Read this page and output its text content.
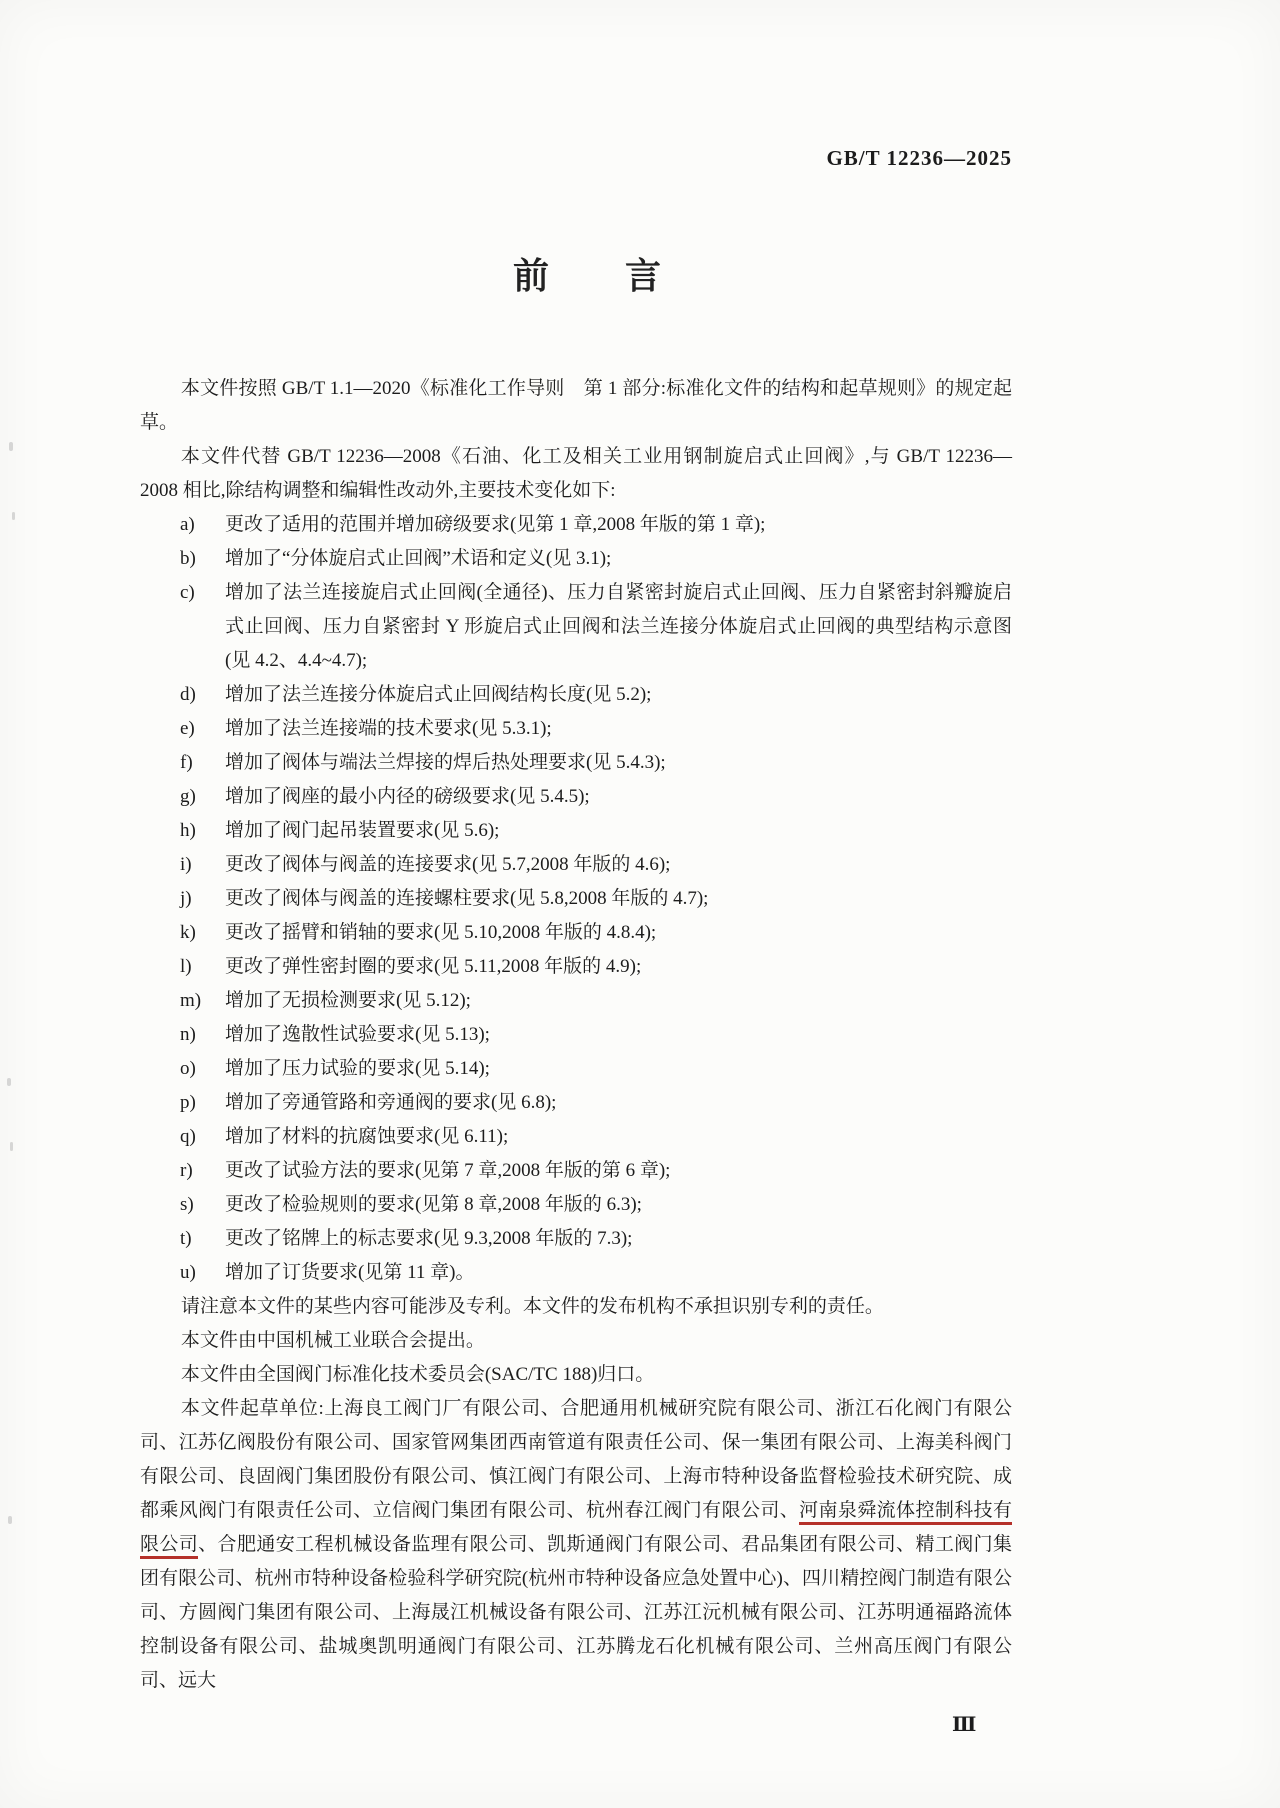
GB/T 12236—2025
前 言

本文件按照 GB/T 1.1—2020《标准化工作导则　第 1 部分:标准化文件的结构和起草规则》的规定起草。

本文件代替 GB/T 12236—2008《石油、化工及相关工业用钢制旋启式止回阀》,与 GB/T 12236—2008 相比,除结构调整和编辑性改动外,主要技术变化如下:

a) 更改了适用的范围并增加磅级要求(见第 1 章,2008 年版的第 1 章);
b) 增加了“分体旋启式止回阀”术语和定义(见 3.1);
c) 增加了法兰连接旋启式止回阀(全通径)、压力自紧密封旋启式止回阀、压力自紧密封斜瓣旋启式止回阀、压力自紧密封 Y 形旋启式止回阀和法兰连接分体旋启式止回阀的典型结构示意图(见 4.2、4.4~4.7);
d) 增加了法兰连接分体旋启式止回阀结构长度(见 5.2);
e) 增加了法兰连接端的技术要求(见 5.3.1);
f) 增加了阀体与端法兰焊接的焊后热处理要求(见 5.4.3);
g) 增加了阀座的最小内径的磅级要求(见 5.4.5);
h) 增加了阀门起吊装置要求(见 5.6);
i) 更改了阀体与阀盖的连接要求(见 5.7,2008 年版的 4.6);
j) 更改了阀体与阀盖的连接螺柱要求(见 5.8,2008 年版的 4.7);
k) 更改了摇臂和销轴的要求(见 5.10,2008 年版的 4.8.4);
l) 更改了弹性密封圈的要求(见 5.11,2008 年版的 4.9);
m) 增加了无损检测要求(见 5.12);
n) 增加了逸散性试验要求(见 5.13);
o) 增加了压力试验的要求(见 5.14);
p) 增加了旁通管路和旁通阀的要求(见 6.8);
q) 增加了材料的抗腐蚀要求(见 6.11);
r) 更改了试验方法的要求(见第 7 章,2008 年版的第 6 章);
s) 更改了检验规则的要求(见第 8 章,2008 年版的 6.3);
t) 更改了铭牌上的标志要求(见 9.3,2008 年版的 7.3);
u) 增加了订货要求(见第 11 章)。

请注意本文件的某些内容可能涉及专利。本文件的发布机构不承担识别专利的责任。

本文件由中国机械工业联合会提出。

本文件由全国阀门标准化技术委员会(SAC/TC 188)归口。

本文件起草单位:上海良工阀门厂有限公司、合肥通用机械研究院有限公司、浙江石化阀门有限公司、江苏亿阀股份有限公司、国家管网集团西南管道有限责任公司、保一集团有限公司、上海美科阀门有限公司、良固阀门集团股份有限公司、慎江阀门有限公司、上海市特种设备监督检验技术研究院、成都乘风阀门有限责任公司、立信阀门集团有限公司、杭州春江阀门有限公司、河南泉舜流体控制科技有限公司、合肥通安工程机械设备监理有限公司、凯斯通阀门有限公司、君品集团有限公司、精工阀门集团有限公司、杭州市特种设备检验科学研究院(杭州市特种设备应急处置中心)、四川精控阀门制造有限公司、方圆阀门集团有限公司、上海晟江机械设备有限公司、江苏江沅机械有限公司、江苏明通福路流体控制设备有限公司、盐城奥凯明通阀门有限公司、江苏腾龙石化机械有限公司、兰州高压阀门有限公司、远大

Ⅲ
